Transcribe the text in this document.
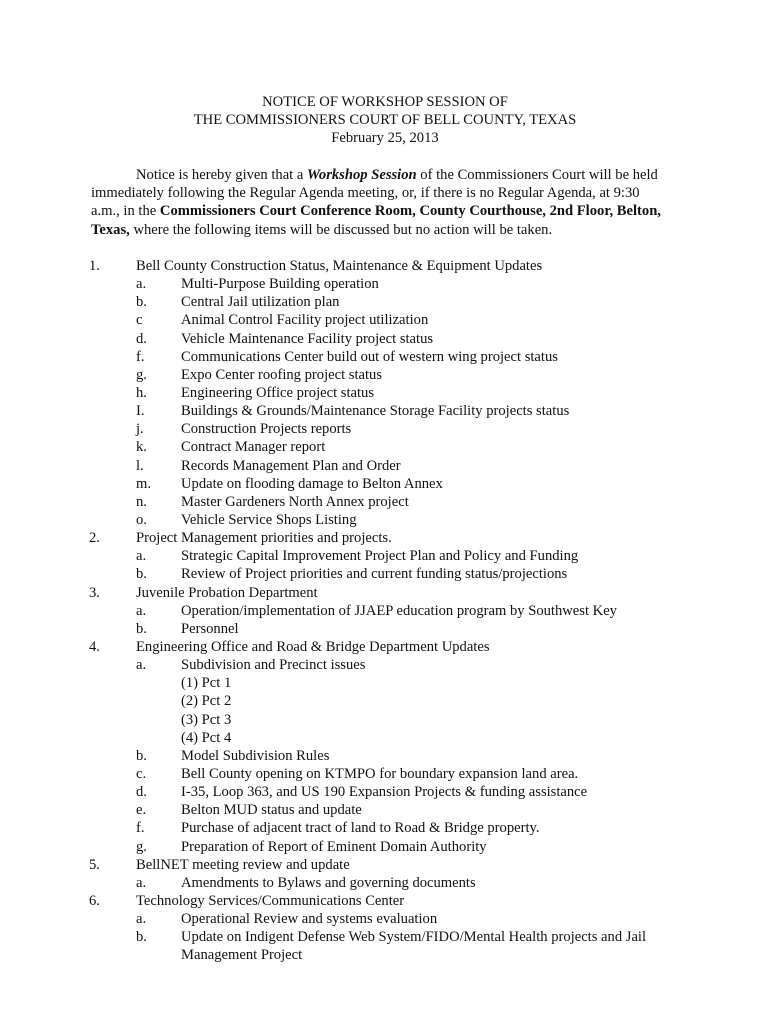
NOTICE OF WORKSHOP SESSION OF
THE COMMISSIONERS COURT OF BELL COUNTY, TEXAS
February 25, 2013
Notice is hereby given that a Workshop Session of the Commissioners Court will be held
immediately following the Regular Agenda meeting, or, if there is no Regular Agenda, at 9:30
a.m., in the Commissioners Court Conference Room, County Courthouse, 2nd Floor, Belton,
Texas, where the following items will be discussed but no action will be taken.
1. Bell County Construction Status, Maintenance & Equipment Updates
a. Multi-Purpose Building operation
b. Central Jail utilization plan
c	Animal Control Facility project utilization
d. Vehicle Maintenance Facility project status
f. Communications Center build out of western wing project status
g. Expo Center roofing project status
h. Engineering Office project status
I. Buildings & Grounds/Maintenance Storage Facility projects status
j.	Construction Projects reports
k. Contract Manager report
l.	Records Management Plan and Order
m. Update on flooding damage to Belton Annex
n. Master Gardeners North Annex project
o. Vehicle Service Shops Listing
2. Project Management priorities and projects.
a. Strategic Capital Improvement Project Plan and Policy and Funding
b. Review of Project priorities and current funding status/projections
3. Juvenile Probation Department
a. Operation/implementation of JJAEP education program by Southwest Key
b. Personnel
4. Engineering Office and Road & Bridge Department Updates
a. Subdivision and Precinct issues
(1) Pct 1
(2) Pct 2
(3) Pct 3
(4) Pct 4
b. Model Subdivision Rules
c. Bell County opening on KTMPO for boundary expansion land area.
d. I-35, Loop 363, and US 190 Expansion Projects & funding assistance
e. Belton MUD status and update
f. Purchase of adjacent tract of land to Road & Bridge property.
g. Preparation of Report of Eminent Domain Authority
5. BellNET meeting review and update
a. Amendments to Bylaws and governing documents
6. Technology Services/Communications Center
a. Operational Review and systems evaluation
b. Update on Indigent Defense Web System/FIDO/Mental Health projects and Jail
Management Project
